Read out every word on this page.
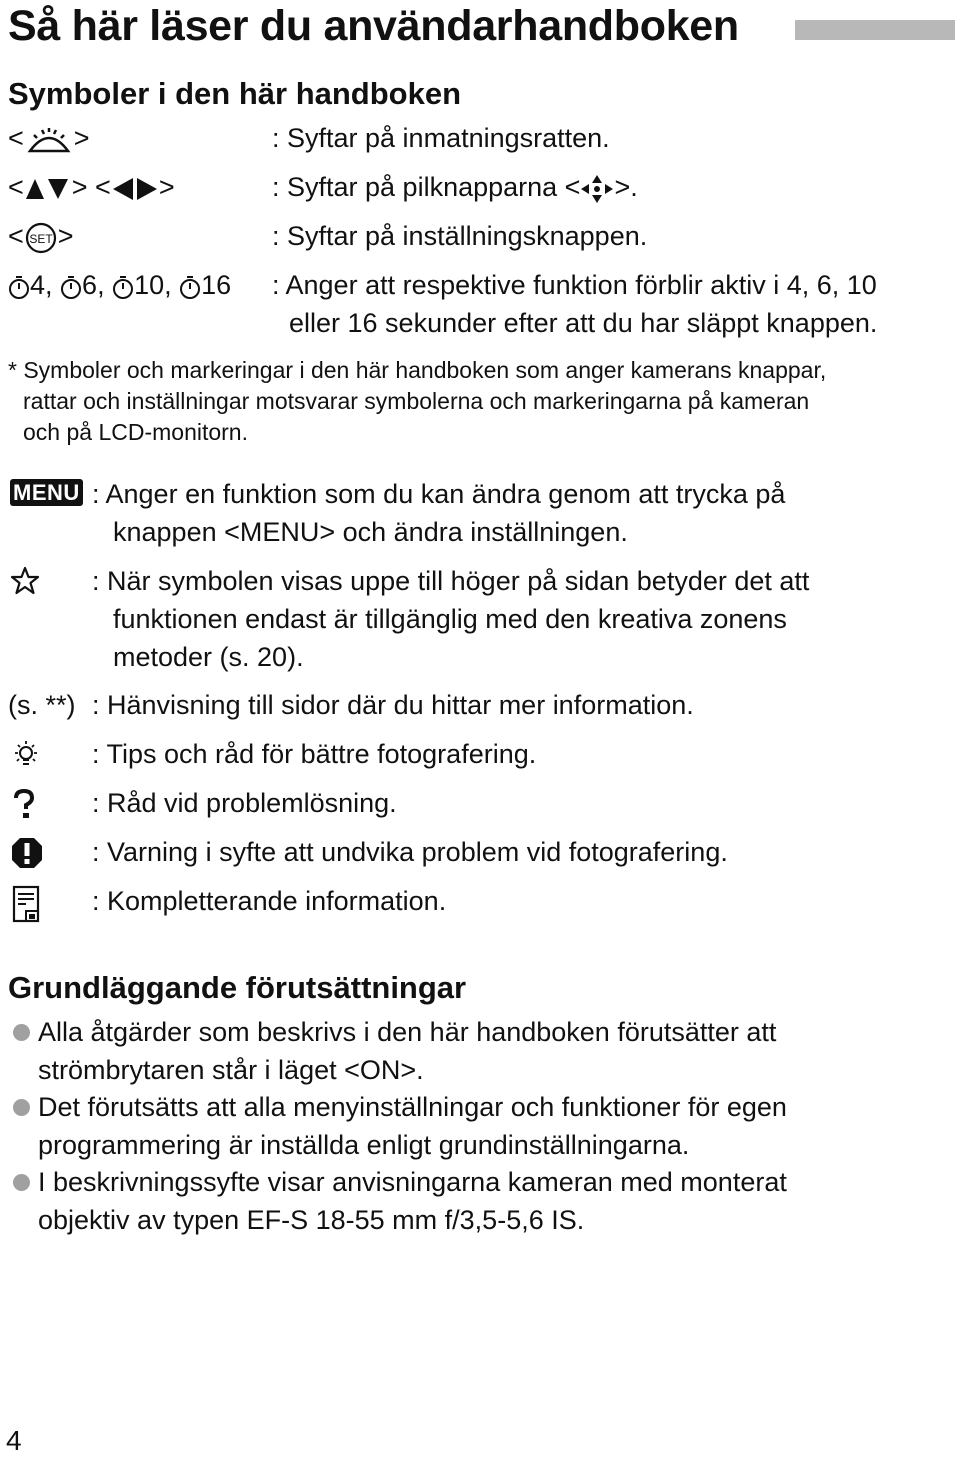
Så här läser du användarhandboken
Symboler i den här handboken
< >	: Syftar på inmatningsratten.
< > < >	: Syftar på pilknapparna < >.
< SET >	: Syftar på inställningsknappen.
4, 6, 10, 16 : Anger att respektive funktion förblir aktiv i 4, 6, 10
eller 16 sekunder efter att du har släppt knappen.
* Symboler och markeringar i den här handboken som anger kamerans knappar,
rattar och inställningar motsvarar symbolerna och markeringarna på kameran
och på LCD-monitorn.
MENU : Anger en funktion som du kan ändra genom att trycka på
knappen <MENU> och ändra inställningen.
: När symbolen visas uppe till höger på sidan betyder det att
funktionen endast är tillgänglig med den kreativa zonens
metoder (s. 20).
(s. **) : Hänvisning till sidor där du hittar mer information.
: Tips och råd för bättre fotografering.
: Råd vid problemlösning.
: Varning i syfte att undvika problem vid fotografering.
: Kompletterande information.
Grundläggande förutsättningar
Alla åtgärder som beskrivs i den här handboken förutsätter att
strömbrytaren står i läget <ON>.
Det förutsätts att alla menyinställningar och funktioner för egen
programmering är inställda enligt grundinställningarna.
I beskrivningssyfte visar anvisningarna kameran med monterat
objektiv av typen EF-S 18-55 mm f/3,5-5,6 IS.
4
